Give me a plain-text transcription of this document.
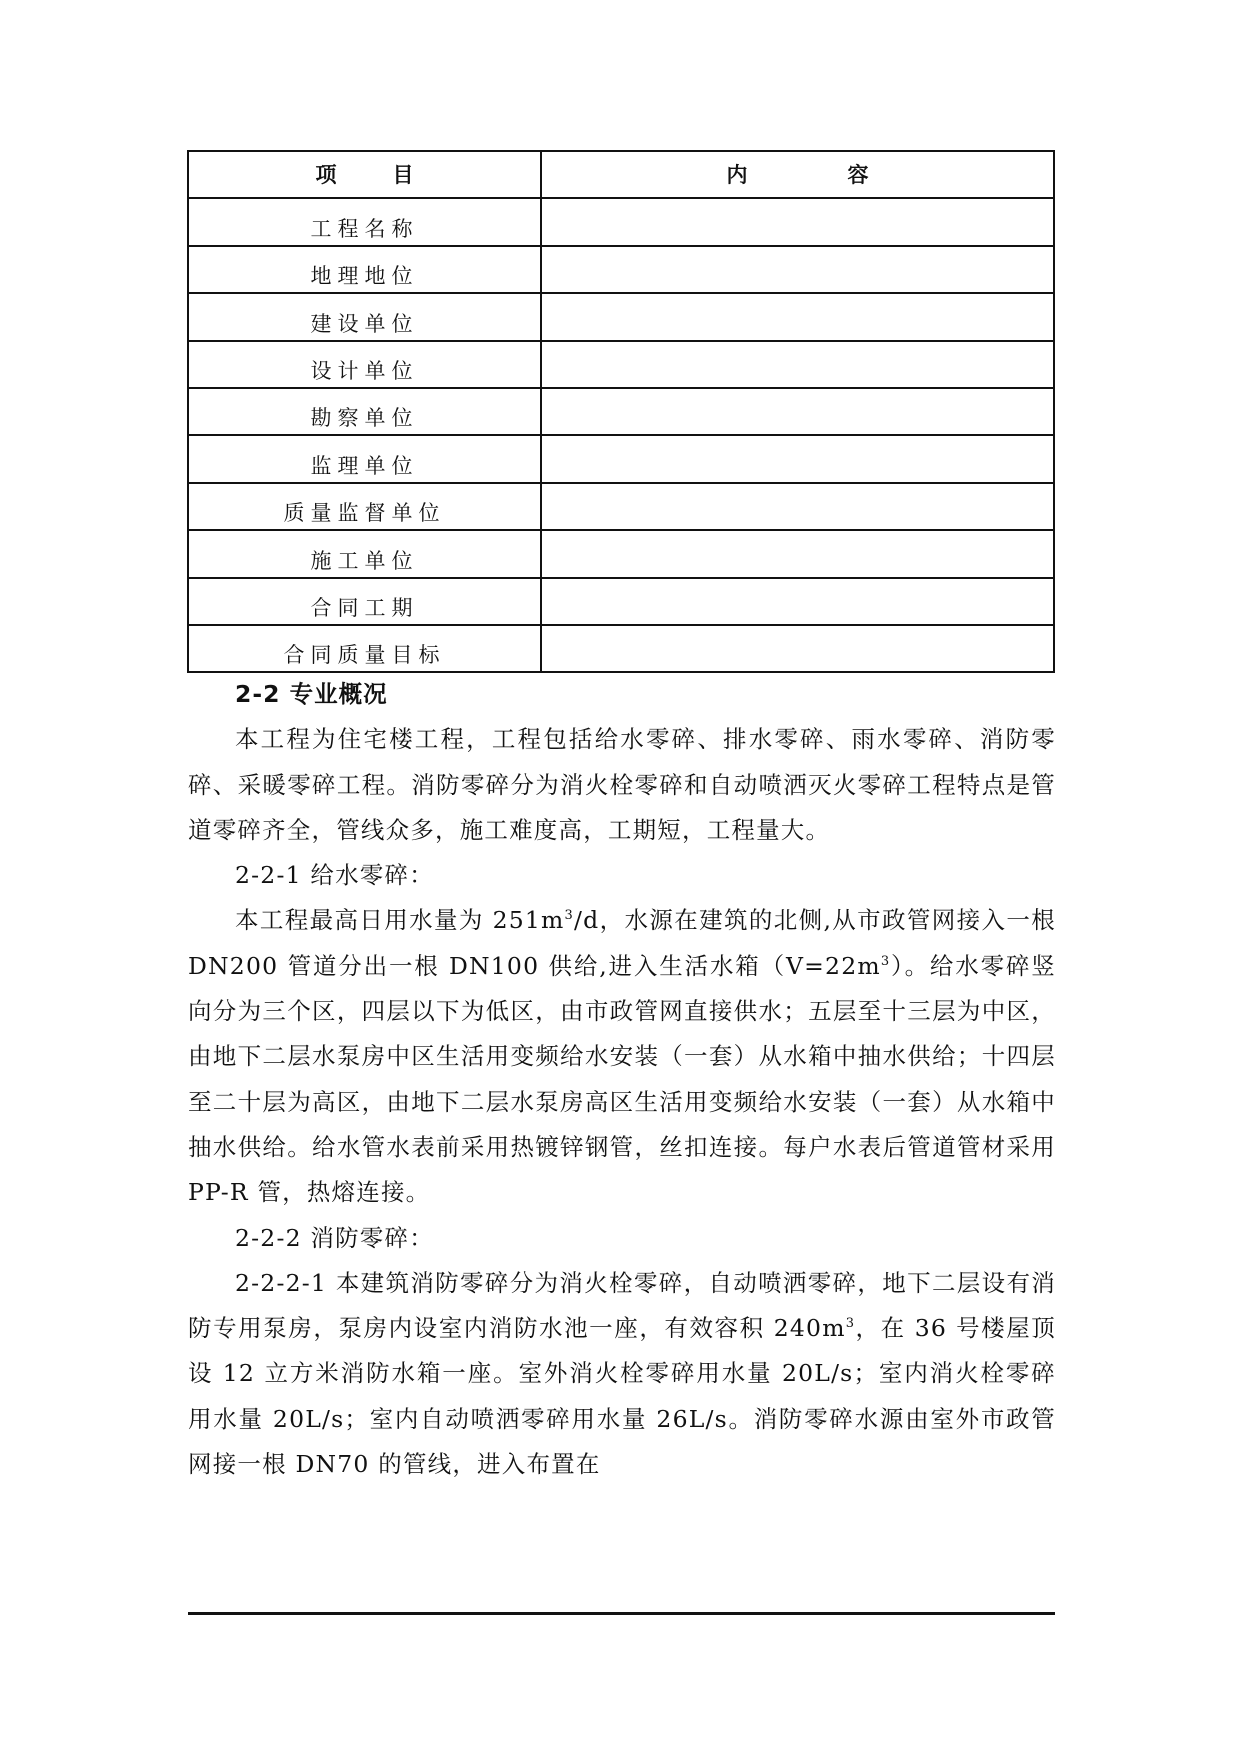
项 目	内 容
工程名称	
地理地位	
建设单位	
设计单位	
勘察单位	
监理单位	
质量监督单位	
施工单位	
合同工期	
合同质量目标	

2-2 专业概况

本工程为住宅楼工程，工程包括给水零碎、排水零碎、雨水零碎、消防零碎、采暖零碎工程。消防零碎分为消火栓零碎和自动喷洒灭火零碎工程特点是管道零碎齐全，管线众多，施工难度高，工期短，工程量大。

2-2-1 给水零碎：

本工程最高日用水量为 $251m^3/d$，水源在建筑的北侧,从市政管网接入一根 DN200 管道分出一根 DN100 供给,进入生活水箱$(V=22m^3)$。给水零碎竖向分为三个区，四层以下为低区，由市政管网直接供水；五层至十三层为中区，由地下二层水泵房中区生活用变频给水安装（一套）从水箱中抽水供给；十四层至二十层为高区，由地下二层水泵房高区生活用变频给水安装（一套）从水箱中抽水供给。给水管水表前采用热镀锌钢管，丝扣连接。每户水表后管道管材采用 PP-R 管，热熔连接。

2-2-2 消防零碎：

2-2-2-1 本建筑消防零碎分为消火栓零碎，自动喷洒零碎，地下二层设有消防专用泵房，泵房内设室内消防水池一座，有效容积 $240m^3$，在 36 号楼屋顶设 12 立方米消防水箱一座。室外消火栓零碎用水量 20L/s；室内消火栓零碎用水量 20L/s；室内自动喷洒零碎用水量 26L/s。消防零碎水源由室外市政管网接一根 DN70 的管线，进入布置在
